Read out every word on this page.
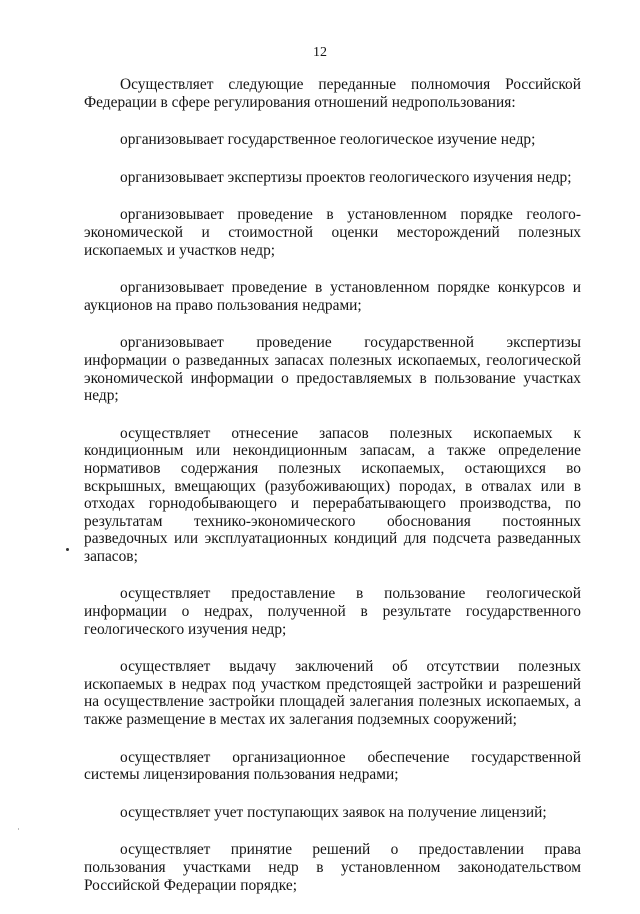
12

Осуществляет следующие переданные полномочия Российской Федерации в сфере регулирования отношений недропользования:

организовывает государственное геологическое изучение недр;

организовывает экспертизы проектов геологического изучения недр;

организовывает проведение в установленном порядке геолого-экономической и стоимостной оценки месторождений полезных ископаемых и участков недр;

организовывает проведение в установленном порядке конкурсов и аукционов на право пользования недрами;

организовывает проведение государственной экспертизы информации о разведанных запасах полезных ископаемых, геологической экономической информации о предоставляемых в пользование участках недр;

осуществляет отнесение запасов полезных ископаемых к кондиционным или некондиционным запасам, а также определение нормативов содержания полезных ископаемых, остающихся во вскрышных, вмещающих (разубоживающих) породах, в отвалах или в отходах горнодобывающего и перерабатывающего производства, по результатам технико-экономического обоснования постоянных разведочных или эксплуатационных кондиций для подсчета разведанных запасов;

осуществляет предоставление в пользование геологической информации о недрах, полученной в результате государственного геологического изучения недр;

осуществляет выдачу заключений об отсутствии полезных ископаемых в недрах под участком предстоящей застройки и разрешений на осуществление застройки площадей залегания полезных ископаемых, а также размещение в местах их залегания подземных сооружений;

осуществляет организационное обеспечение государственной системы лицензирования пользования недрами;

осуществляет учет поступающих заявок на получение лицензий;

осуществляет принятие решений о предоставлении права пользования участками недр в установленном законодательством Российской Федерации порядке;
